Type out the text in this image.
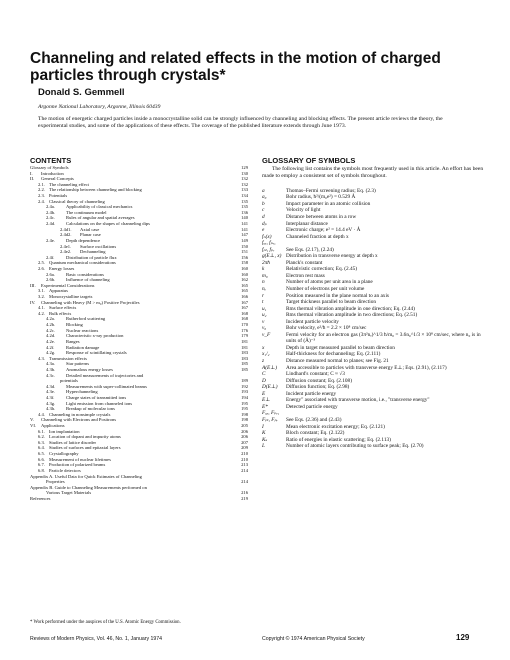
Channeling and related effects in the motion of charged particles through crystals*
Donald S. Gemmell
Argonne National Laboratory, Argonne, Illinois 60439
The motion of energetic charged particles inside a monocrystalline solid can be strongly influenced by channeling and blocking effects. The present article reviews the theory, the experimental studies, and some of the applications of these effects. The coverage of the published literature extends through June 1973.
CONTENTS
Glossary of Symbols	129
I.	Introduction	130
II.	General Concepts	132
2.1. The channeling effect	132
2.2. The relationship between channeling and blocking	133
2.3. Potentials	134
2.4. Classical theory of channeling	135
2.4a.	Applicability of classical mechanics	135
2.4b.	The continuum model	136
2.4c.	Rules of angular and spatial averages	140
2.4d.	Calculations on the shapes of channeling dips	141
2.4d1.	Axial case	141
2.4d2.	Planar case	147
2.4e.	Depth dependence	149
2.4e1.	Surface oscillations	150
2.4e2.	Dechanneling	151
2.4f.	Distribution of particle flux	156
2.5. Quantum mechanical considerations	158
2.6. Energy losses	160
2.6a.	Basic considerations	160
2.6b.	Influence of channeling	162
III.	Experimental Considerations	165
3.1. Apparatus	165
3.2. Monocrystalline targets	166
IV.	Channeling with Heavy (M > m₀) Positive Projectiles	167
4.1. Surface effects	167
4.2. Bulk effects	168
4.2a.	Rutherford scattering	168
4.2b.	Blocking	170
4.2c.	Nuclear reactions	176
4.2d.	Characteristic x-ray production	179
4.2e.	Ranges	181
4.2f.	Radiation damage	181
4.2g.	Response of scintillating crystals	183
4.3. Transmission effects	183
4.3a.	Star patterns	185
4.3b.	Anomalous energy losses	185
4.3c.	Detailed measurements of trajectories and
potentials	189
4.3d.	Measurements with super-collimated beams	192
4.3e.	Hyperchanneling	193
4.3f.	Charge states of transmitted ions	194
4.3g.	Light emission from channeled ions	195
4.3h.	Breakup of molecular ions	195
4.4. Channeling in nonsimple crystals	198
V.	Channeling with Electrons and Positrons	198
VI.	Applications	205
6.1. Ion implantation	206
6.2. Location of dopant and impurity atoms	206
6.3. Studies of lattice disorder	207
6.4. Studies of surfaces and epitaxial layers	209
6.5. Crystallography	210
6.6. Measurement of nuclear lifetimes	210
6.7. Production of polarized beams	213
6.8. Particle detectors	214
Appendix A. Useful Data for Quick Estimates of Channeling
Properties	214
Appendix B. Guide to Channeling Measurements performed on
Various Target Materials	216
References	219
* Work performed under the auspices of the U.S. Atomic Energy Commission.
GLOSSARY OF SYMBOLS

The following list contains the symbols most frequently used in this article. An effort has been made to employ a consistent set of symbols throughout.

a	Thomas–Fermi screening radius; Eq. (2.3)
a₀	Bohr radius, ħ²/(m₀e²) = 0.529 Å
b	Impact parameter in an atomic collision
c	Velocity of light
d	Distance between atoms in a row
dₚ	Interplanar distance
e	Electronic charge; e² = 14.4 eV · Å
fₙ(x)	Channeled fraction at depth x
fₐₓ, fₚᵥ,
fₚₜ, fₚᵣ	See Eqs. (2.17), (2.24)
g(E⊥, x) Distribution in transverse energy at depth x
2πħ	Planck's constant
k	Relativistic correction; Eq. (2.45)
m₀	Electron rest mass
n	Number of atoms per unit area in a plane
nₑ	Number of electrons per unit volume
r	Position measured in the plane normal to an axis
t	Target thickness parallel to beam direction
u₁	Rms thermal vibration amplitude in one direction; Eq. (2.44)
u₂	Rms thermal vibration amplitude in two directions; Eq. (2.51)
v	Incident particle velocity
v₀	Bohr velocity, e²/ħ = 2.2 × 10⁸ cm/sec
v_F	Fermi velocity for an electron gas (3π²nₑ)^1/3 ħ/m₀ = 3.6n₀^1/3 × 10⁸ cm/sec, where n₀ is in units of (Å)⁻³
x	Depth in target measured parallel to beam direction
x₁/₂	Half-thickness for dechanneling; Eq. (2.111)
z	Distance measured normal to planes; see Fig. 21
A(E⊥)	Area accessible to particles with transverse energy E⊥; Eqs. (2.91), (2.117)
C	Lindhard's constant; C ≈ √3
D	Diffusion constant; Eq. (2.108)
D(E⊥)	Diffusion function; Eq. (2.98)
E	Incident particle energy
E⊥	Energy" associated with transverse motion, i.e., "transverse energy"
E*	Detected particle energy
Fₐₓ, Fₚᵥ,
Fₚₜ, Fₚᵣ	See Eqs. (2.36) and (2.43)
I	Mean electronic excitation energy; Eq. (2.121)
K	Bloch constant; Eq. (2.122)
Kₛ	Ratio of energies in elastic scattering; Eq. (2.113)
L	Number of atomic layers contributing to surface peak; Eq. (2.70)
Reviews of Modern Physics, Vol. 46, No. 1, January 1974	Copyright © 1974 American Physical Society	129
